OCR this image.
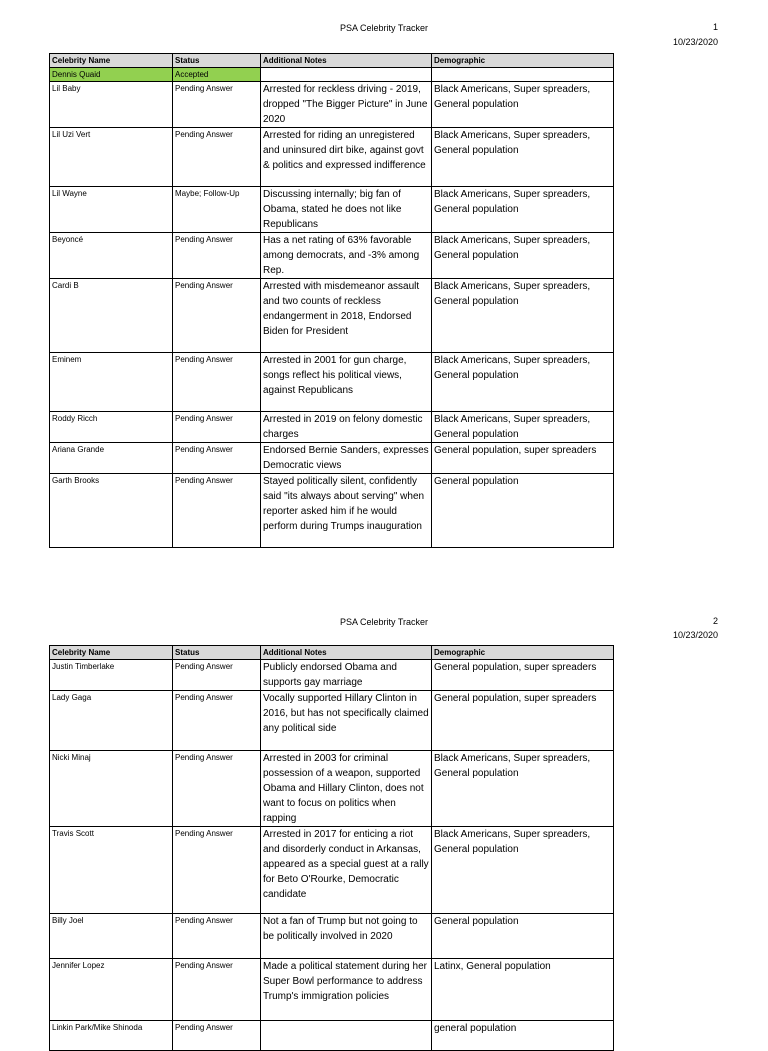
PSA Celebrity Tracker	1
10/23/2020
Celebrity Name	Status	Additional Notes	Demographic
Dennis Quaid	Accepted		
Lil Baby	Pending Answer	Arrested for reckless driving - 2019, dropped "The Bigger Picture" in June 2020	Black Americans, Super spreaders, General population
Lil Uzi Vert	Pending Answer	Arrested for riding an unregistered and uninsured dirt bike, against govt & politics and expressed indifference	Black Americans, Super spreaders, General population
Lil Wayne	Maybe; Follow-Up	Discussing internally; big fan of Obama, stated he does not like Republicans	Black Americans, Super spreaders, General population
Beyoncé	Pending Answer	Has a net rating of 63% favorable among democrats, and -3% among Rep.	Black Americans, Super spreaders, General population
Cardi B	Pending Answer	Arrested with misdemeanor assault and two counts of reckless endangerment in 2018, Endorsed Biden for President	Black Americans, Super spreaders, General population
Eminem	Pending Answer	Arrested in 2001 for gun charge, songs reflect his political views, against Republicans	Black Americans, Super spreaders, General population
Roddy Ricch	Pending Answer	Arrested in 2019 on felony domestic charges	Black Americans, Super spreaders, General population
Ariana Grande	Pending Answer	Endorsed Bernie Sanders, expresses Democratic views	General population, super spreaders
Garth Brooks	Pending Answer	Stayed politically silent, confidently said "its always about serving" when reporter asked him if he would perform during Trumps inauguration	General population
PSA Celebrity Tracker	2
10/23/2020
Celebrity Name	Status	Additional Notes	Demographic
Justin Timberlake	Pending Answer	Publicly endorsed Obama and supports gay marriage	General population, super spreaders
Lady Gaga	Pending Answer	Vocally supported Hillary Clinton in 2016, but has not specifically claimed any political side	General population, super spreaders
Nicki Minaj	Pending Answer	Arrested in 2003 for criminal possession of a weapon, supported Obama and Hillary Clinton, does not want to focus on politics when rapping	Black Americans, Super spreaders, General population
Travis Scott	Pending Answer	Arrested in 2017 for enticing a riot and disorderly conduct in Arkansas, appeared as a special guest at a rally for Beto O'Rourke, Democratic candidate	Black Americans, Super spreaders, General population
Billy Joel	Pending Answer	Not a fan of Trump but not going to be politically involved in 2020	General population
Jennifer Lopez	Pending Answer	Made a political statement during her Super Bowl performance to address Trump's immigration policies	Latinx, General population
Linkin Park/Mike Shinoda	Pending Answer		general population
